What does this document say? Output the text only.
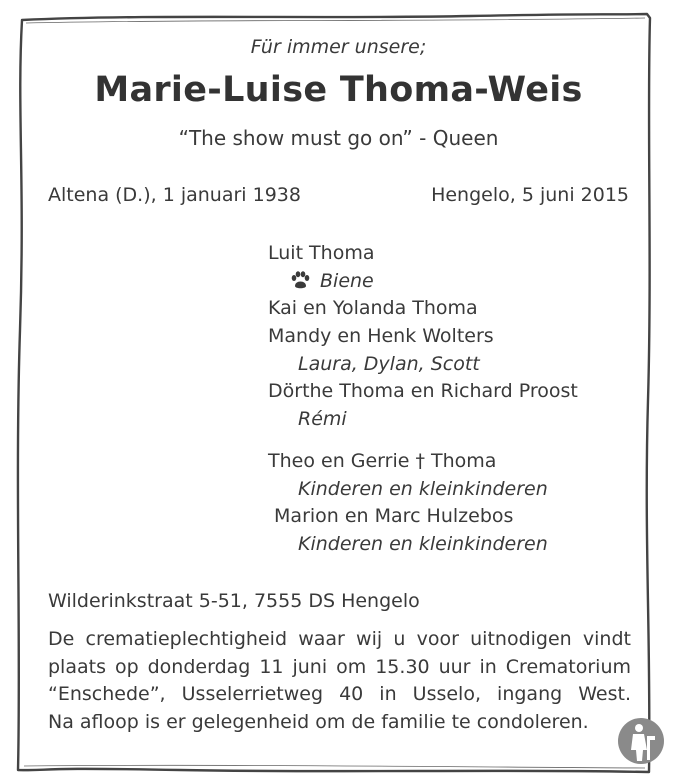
Für immer unsere;
Marie-Luise Thoma-Weis
“The show must go on” - Queen
Altena (D.), 1 januari 1938	Hengelo, 5 juni 2015
Luit Thoma
Biene
Kai en Yolanda Thoma
Mandy en Henk Wolters
Laura, Dylan, Scott
Dörthe Thoma en Richard Proost
Rémi
Theo en Gerrie † Thoma
Kinderen en kleinkinderen
Marion en Marc Hulzebos
Kinderen en kleinkinderen
Wilderinkstraat 5-51, 7555 DS Hengelo
De crematieplechtigheid waar wij u voor uitnodigen vindt
plaats op donderdag 11 juni om 15.30 uur in Crematorium
“Enschede”, Usselerrietweg 40 in Usselo, ingang West.
Na afloop is er gelegenheid om de familie te condoleren.
